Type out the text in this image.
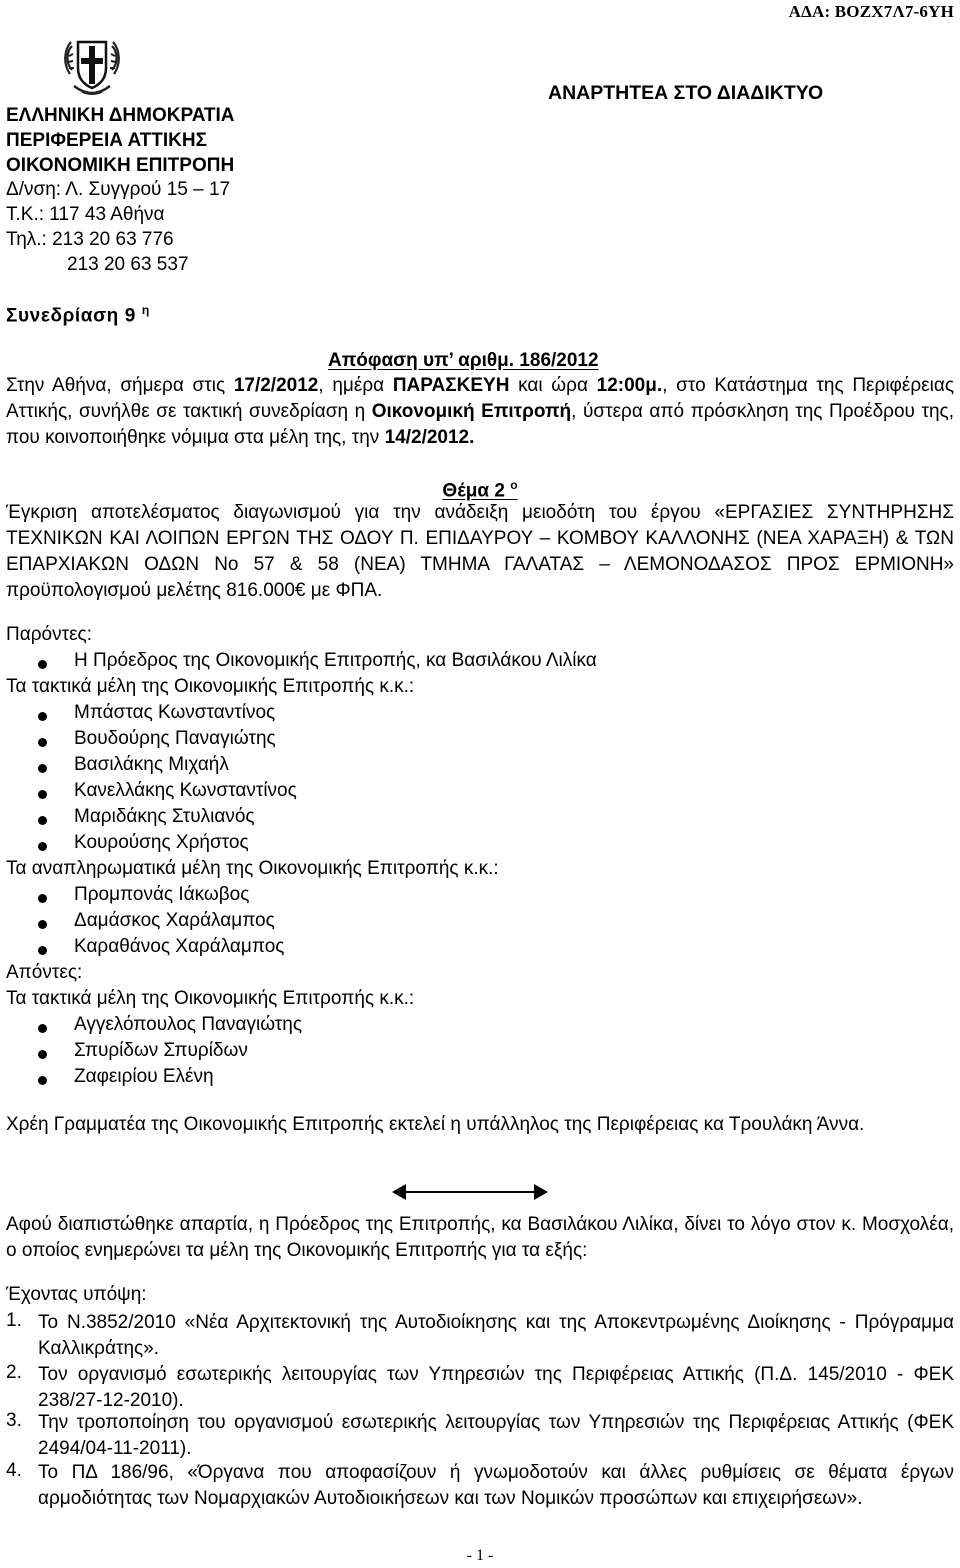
ΑΔΑ: ΒΟΖΧ7Λ7-6ΥΗ
ΕΛΛΗΝΙΚΗ ΔΗΜΟΚΡΑΤΙΑ
ΠΕΡΙΦΕΡΕΙΑ ΑΤΤΙΚΗΣ
ΟΙΚΟΝΟΜΙΚΗ ΕΠΙΤΡΟΠΗ
Δ/νση: Λ. Συγγρού 15 – 17
Τ.Κ.: 117 43 Αθήνα
Τηλ.: 213 20 63 776
213 20 63 537
ΑΝΑΡΤΗΤΕΑ ΣΤΟ ΔΙΑΔΙΚΤΥΟ
Συνεδρίαση 9 $^\eta$
Απόφαση υπ’ αριθμ. 186/2012
Στην Αθήνα, σήμερα στις 17/2/2012, ημέρα ΠΑΡΑΣΚΕΥΗ και ώρα 12:00μ., στο Κατάστημα της Περιφέρειας Αττικής, συνήλθε σε τακτική συνεδρίαση η Οικονομική Επιτροπή, ύστερα από πρόσκληση της Προέδρου της, που κοινοποιήθηκε νόμιμα στα μέλη της, την 14/2/2012.
Θέμα 2 $^o$
Έγκριση αποτελέσματος διαγωνισμού για την ανάδειξη μειοδότη του έργου «ΕΡΓΑΣΙΕΣ ΣΥΝΤΗΡΗΣΗΣ ΤΕΧΝΙΚΩΝ ΚΑΙ ΛΟΙΠΩΝ ΕΡΓΩΝ ΤΗΣ ΟΔΟΥ Π. ΕΠΙΔΑΥΡΟΥ – ΚΟΜΒΟΥ ΚΑΛΛΟΝΗΣ (ΝΕΑ ΧΑΡΑΞΗ) & ΤΩΝ ΕΠΑΡΧΙΑΚΩΝ ΟΔΩΝ Νο 57 & 58 (ΝΕΑ) ΤΜΗΜΑ ΓΑΛΑΤΑΣ – ΛΕΜΟΝΟΔΑΣΟΣ ΠΡΟΣ ΕΡΜΙΟΝΗ» προϋπολογισμού μελέτης 816.000€ με ΦΠΑ.
Παρόντες:
Η Πρόεδρος της Οικονομικής Επιτροπής, κα Βασιλάκου Λιλίκα
Τα τακτικά μέλη της Οικονομικής Επιτροπής κ.κ.:
Μπάστας Κωνσταντίνος
Βουδούρης Παναγιώτης
Βασιλάκης Μιχαήλ
Κανελλάκης Κωνσταντίνος
Μαριδάκης Στυλιανός
Κουρούσης Χρήστος
Τα αναπληρωματικά μέλη της Οικονομικής Επιτροπής κ.κ.:
Προμπονάς Ιάκωβος
Δαμάσκος Χαράλαμπος
Καραθάνος Χαράλαμπος
Απόντες:
Τα τακτικά μέλη της Οικονομικής Επιτροπής κ.κ.:
Αγγελόπουλος Παναγιώτης
Σπυρίδων Σπυρίδων
Ζαφειρίου Ελένη
Χρέη Γραμματέα της Οικονομικής Επιτροπής εκτελεί η υπάλληλος της Περιφέρειας κα Τρουλάκη Άννα.
Αφού διαπιστώθηκε απαρτία, η Πρόεδρος της Επιτροπής, κα Βασιλάκου Λιλίκα, δίνει το λόγο στον κ. Μοσχολέα, ο οποίος ενημερώνει τα μέλη της Οικονομικής Επιτροπής για τα εξής:
Έχοντας υπόψη:
1. Το Ν.3852/2010 «Νέα Αρχιτεκτονική της Αυτοδιοίκησης και της Αποκεντρωμένης Διοίκησης - Πρόγραμμα Καλλικράτης».
2. Τον οργανισμό εσωτερικής λειτουργίας των Υπηρεσιών της Περιφέρειας Αττικής (Π.Δ. 145/2010 - ΦΕΚ 238/27-12-2010).
3. Την τροποποίηση του οργανισμού εσωτερικής λειτουργίας των Υπηρεσιών της Περιφέρειας Αττικής (ΦΕΚ 2494/04-11-2011).
4. Το ΠΔ 186/96, «Όργανα που αποφασίζουν ή γνωμοδοτούν και άλλες ρυθμίσεις σε θέματα έργων αρμοδιότητας των Νομαρχιακών Αυτοδιοικήσεων και των Νομικών προσώπων και επιχειρήσεων».
- 1 -
